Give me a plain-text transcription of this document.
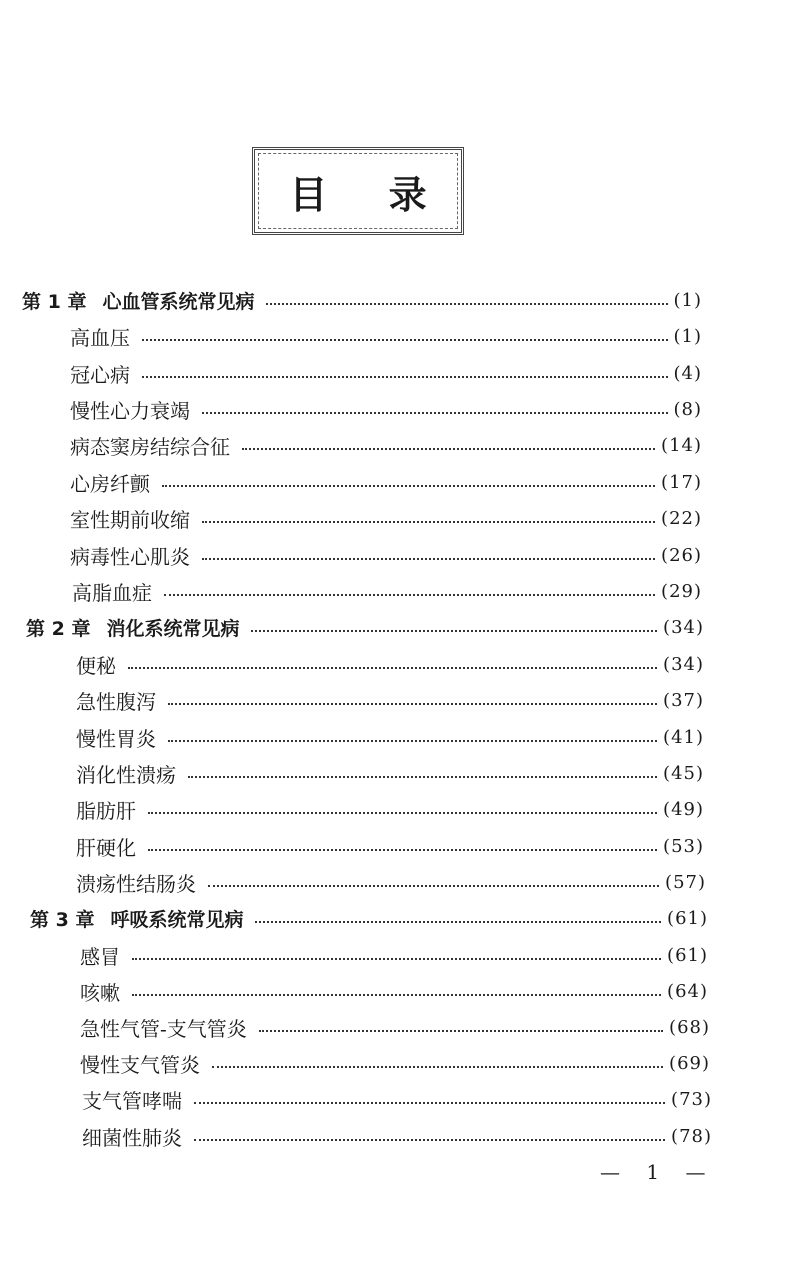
目 录
第 1 章 心血管系统常见病	(1)
高血压	(1)
冠心病	(4)
慢性心力衰竭	(8)
病态窦房结综合征	(14)
心房纤颤	(17)
室性期前收缩	(22)
病毒性心肌炎	(26)
高脂血症	(29)
第 2 章 消化系统常见病	(34)
便秘	(34)
急性腹泻	(37)
慢性胃炎	(41)
消化性溃疡	(45)
脂肪肝	(49)
肝硬化	(53)
溃疡性结肠炎	(57)
第 3 章 呼吸系统常见病	(61)
感冒	(61)
咳嗽	(64)
急性气管-支气管炎	(68)
慢性支气管炎	(69)
支气管哮喘	(73)
细菌性肺炎	(78)
— 1 —
